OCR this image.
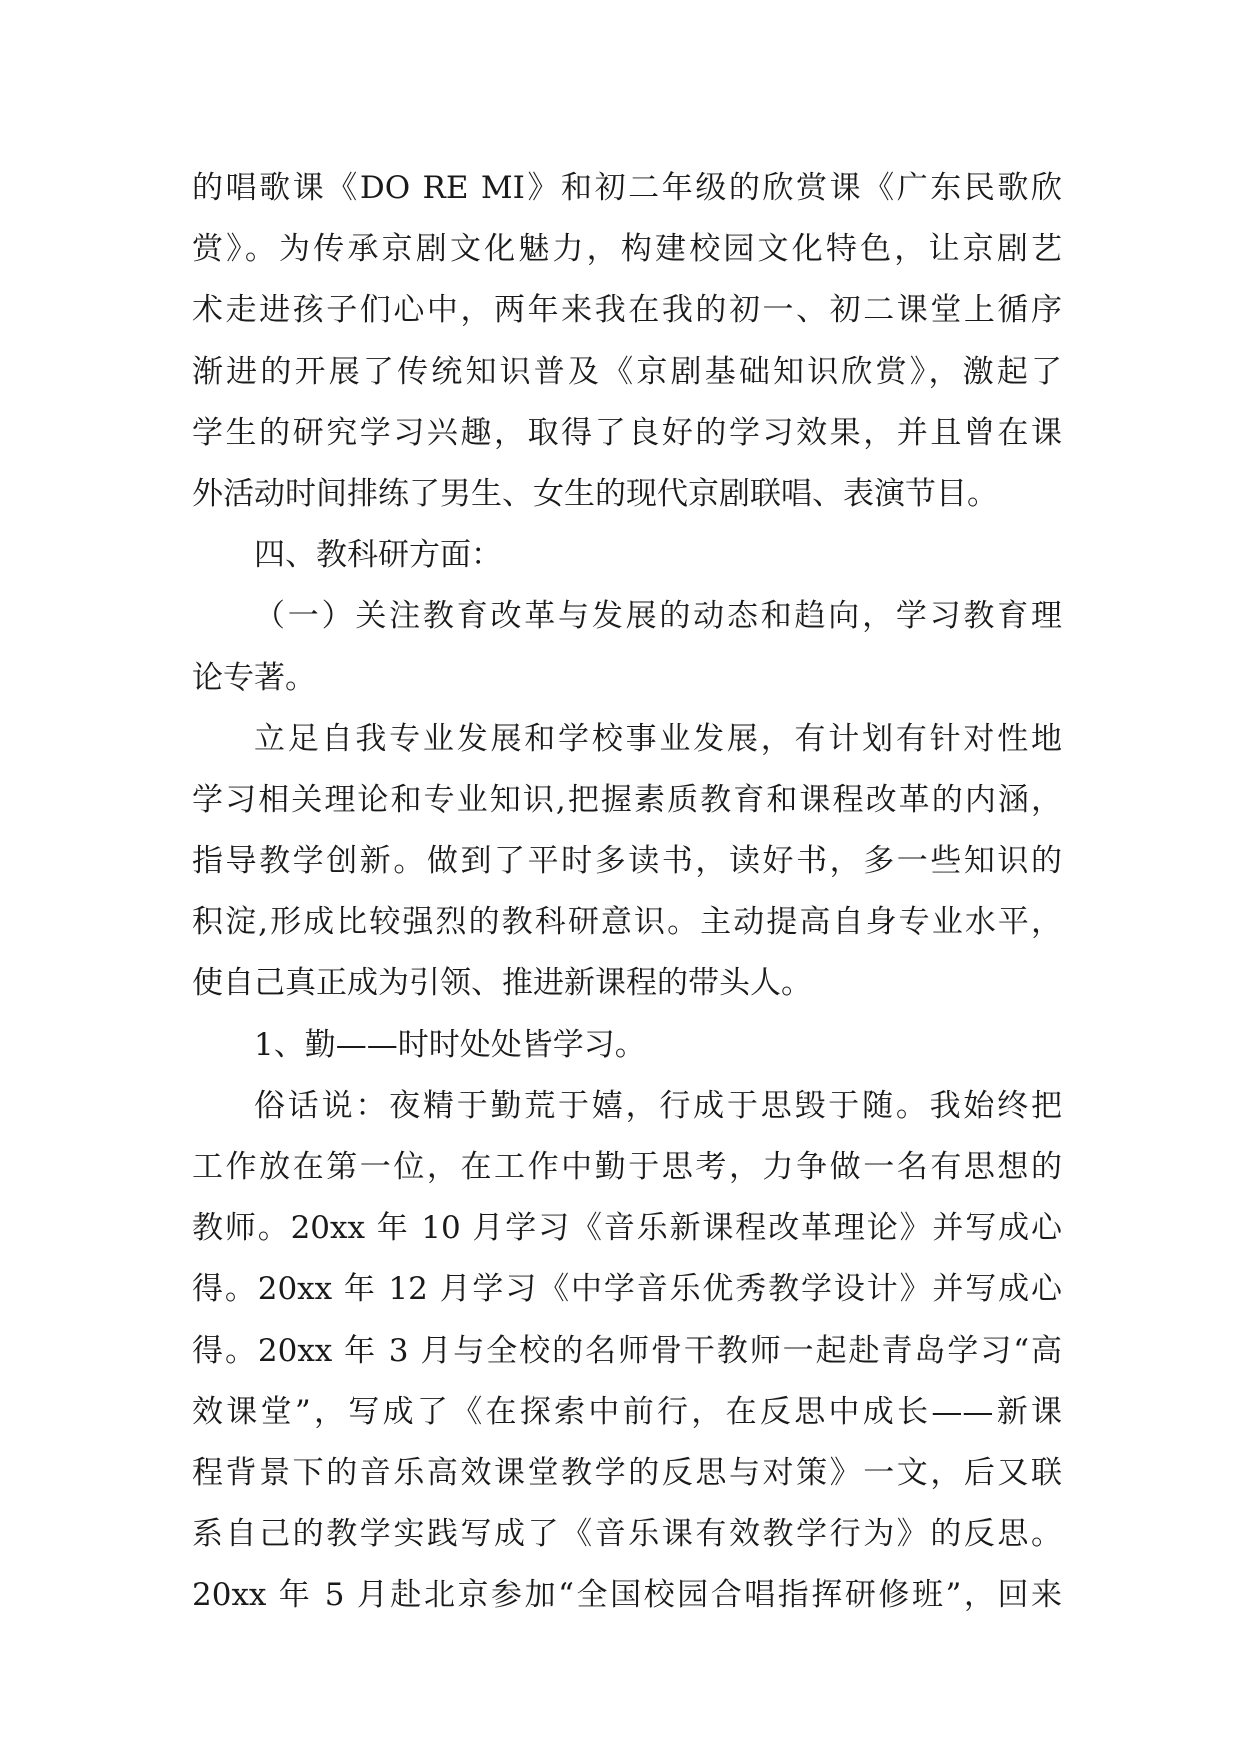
的唱歌课《DO RE MI》和初二年级的欣赏课《广东民歌欣
赏》。为传承京剧文化魅力，构建校园文化特色，让京剧艺
术走进孩子们心中，两年来我在我的初一、初二课堂上循序
渐进的开展了传统知识普及《京剧基础知识欣赏》，激起了
学生的研究学习兴趣，取得了良好的学习效果，并且曾在课
外活动时间排练了男生、女生的现代京剧联唱、表演节目。
四、教科研方面：
（一）关注教育改革与发展的动态和趋向，学习教育理
论专著。
立足自我专业发展和学校事业发展，有计划有针对性地
学习相关理论和专业知识,把握素质教育和课程改革的内涵，
指导教学创新。做到了平时多读书，读好书，多一些知识的
积淀,形成比较强烈的教科研意识。主动提高自身专业水平，
使自己真正成为引领、推进新课程的带头人。
1、勤——时时处处皆学习。
俗话说：夜精于勤荒于嬉，行成于思毁于随。我始终把
工作放在第一位，在工作中勤于思考，力争做一名有思想的
教师。20xx 年 10 月学习《音乐新课程改革理论》并写成心
得。20xx 年 12 月学习《中学音乐优秀教学设计》并写成心
得。20xx 年 3 月与全校的名师骨干教师一起赴青岛学习“高
效课堂”，写成了《在探索中前行，在反思中成长——新课
程背景下的音乐高效课堂教学的反思与对策》一文，后又联
系自己的教学实践写成了《音乐课有效教学行为》的反思。
20xx 年 5 月赴北京参加“全国校园合唱指挥研修班”，回来
